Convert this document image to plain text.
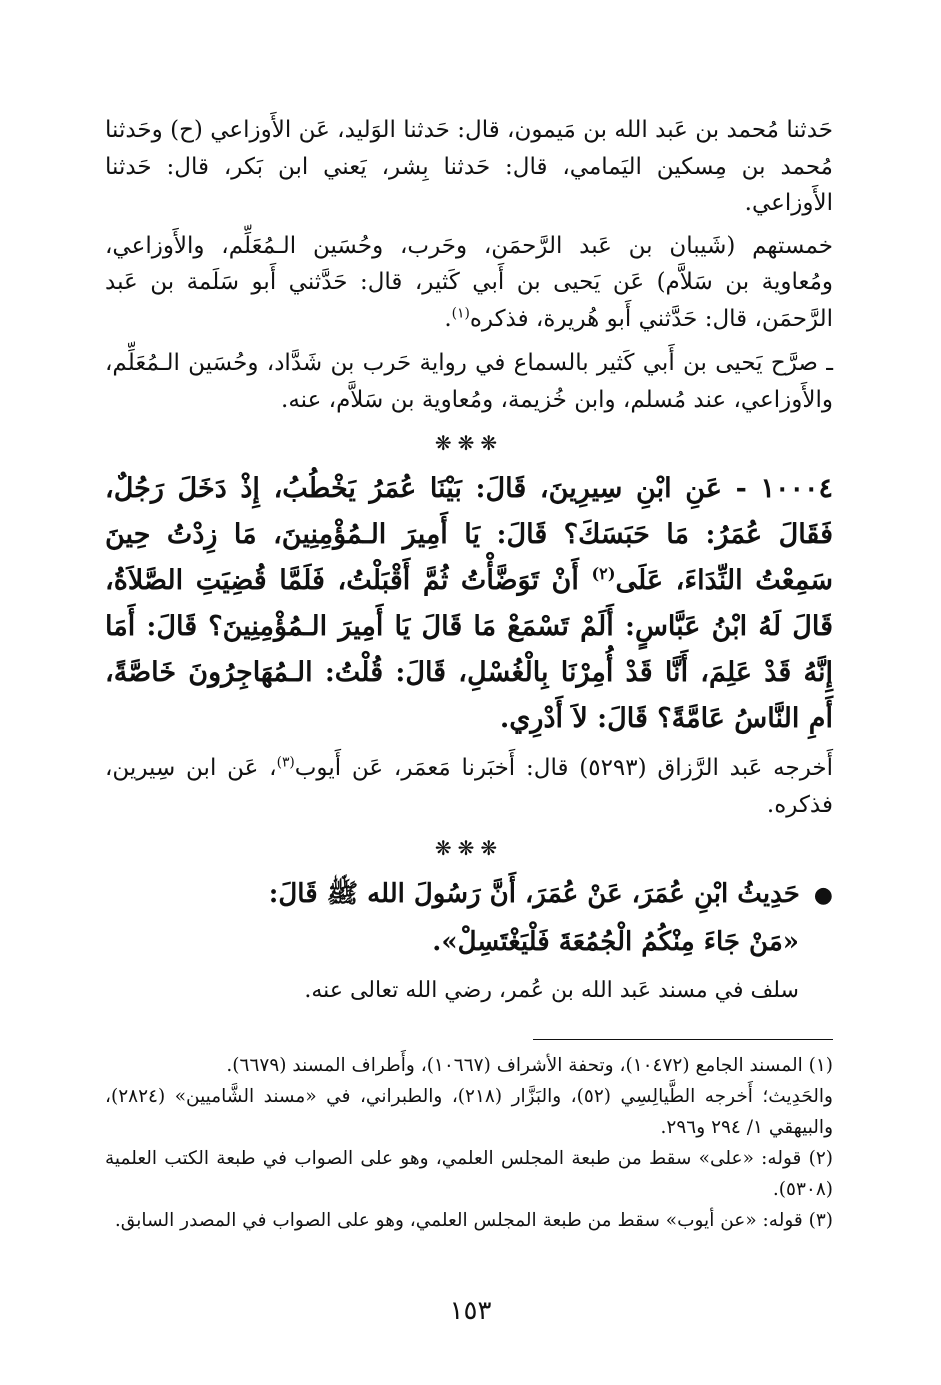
حَدثنا مُحمد بن عَبد الله بن مَيمون، قال: حَدثنا الوَليد، عَن الأَوزاعي (ح) وحَدثنا مُحمد بن مِسكين اليَمامي، قال: حَدثنا بِشر، يَعني ابن بَكر، قال: حَدثنا الأَوزاعي.

خمستهم (شَيبان بن عَبد الرَّحمَن، وحَرب، وحُسَين الـمُعَلِّم، والأَوزاعي، ومُعاوية بن سَلاَّم) عَن يَحيى بن أَبي كَثير، قال: حَدَّثني أَبو سَلَمة بن عَبد الرَّحمَن، قال: حَدَّثني أَبو هُريرة، فذكره$^{(١)}$.

ـ صرَّح يَحيى بن أَبي كَثير بالسماع في رواية حَرب بن شَدَّاد، وحُسَين الـمُعَلِّم، والأَوزاعي، عند مُسلم، وابن خُزيمة، ومُعاوية بن سَلاَّم، عنه.

❋❋❋

١٠٠٠٤ - عَنِ ابْنِ سِيرِينَ، قَالَ: بَيْنَا عُمَرُ يَخْطُبُ، إِذْ دَخَلَ رَجُلٌ، فَقَالَ عُمَرُ: مَا حَبَسَكَ؟ قَالَ: يَا أَمِيرَ الـمُؤْمِنِينَ، مَا زِدْتُ حِينَ سَمِعْتُ النِّدَاءَ، عَلَى$^{(٢)}$ أَنْ تَوَضَّأْتُ ثُمَّ أَقْبَلْتُ، فَلَمَّا قُضِيَتِ الصَّلاَةُ، قَالَ لَهُ ابْنُ عَبَّاسٍ: أَلَمْ تَسْمَعْ مَا قَالَ يَا أَمِيرَ الـمُؤْمِنِينَ؟ قَالَ: أَمَا إِنَّهُ قَدْ عَلِمَ، أَنَّا قَدْ أُمِرْنَا بِالْغُسْلِ، قَالَ: قُلْتُ: الـمُهَاجِرُونَ خَاصَّةً، أَمِ النَّاسُ عَامَّةً؟ قَالَ: لاَ أَدْرِي.

أَخرجه عَبد الرَّزاق (٥٢٩٣) قال: أَخبَرنا مَعمَر، عَن أَيوب$^{(٣)}$، عَن ابن سِيرين، فذكره.

❋❋❋
●حَدِيثُ ابْنِ عُمَرَ، عَنْ عُمَرَ، أَنَّ رَسُولَ الله ﷺ قَالَ:
«مَنْ جَاءَ مِنْكُمُ الْجُمُعَةَ فَلْيَغْتَسِلْ».

سلف في مسند عَبد الله بن عُمر، رضي الله تعالى عنه.

(١) المسند الجامع (١٠٤٧٢)، وتحفة الأشراف (١٠٦٦٧)، وأَطراف المسند (٦٦٧٩).

والحَدِيث؛ أَخرجه الطَّيالِسِي (٥٢)، والبَزَّار (٢١٨)، والطبراني، في «مسند الشَّاميين» (٢٨٢٤)، والبيهقي ١/ ٢٩٤ و٢٩٦.

(٢) قوله: «على» سقط من طبعة المجلس العلمي، وهو على الصواب في طبعة الكتب العلمية (٥٣٠٨).

(٣) قوله: «عن أيوب» سقط من طبعة المجلس العلمي، وهو على الصواب في المصدر السابق.

١٥٣
